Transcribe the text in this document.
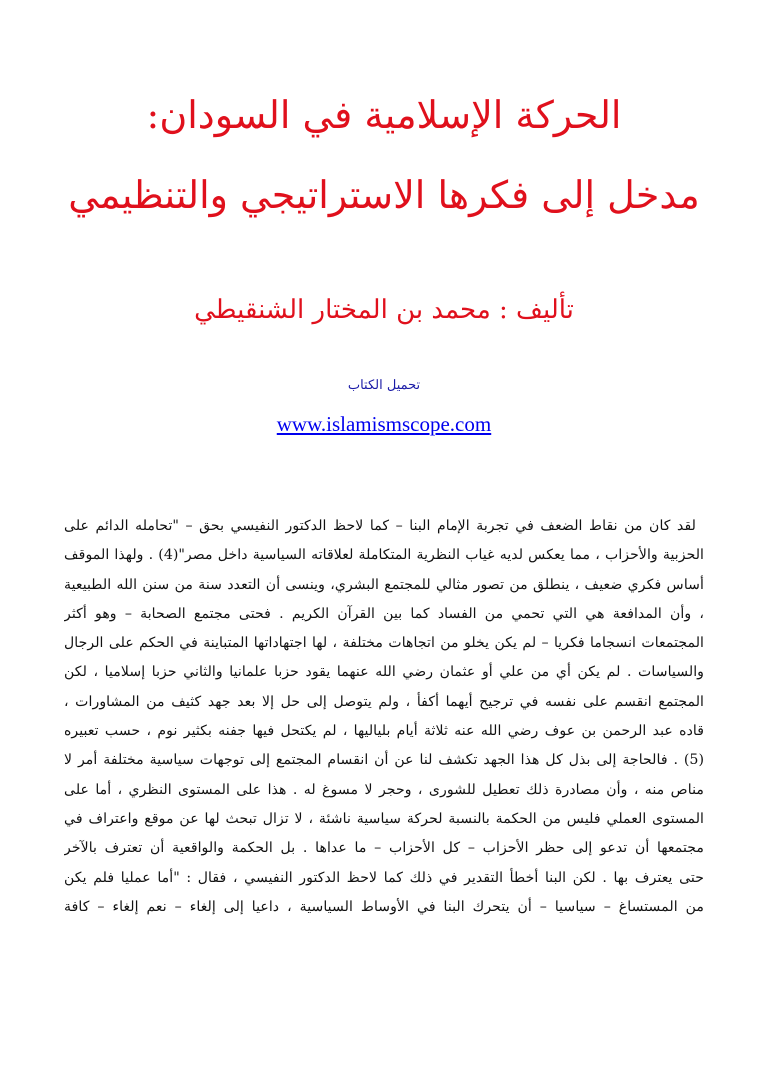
الحركة الإسلامية في السودان:
مدخل إلى فكرها الاستراتيجي والتنظيمي
تأليف : محمد بن المختار الشنقيطي
تحميل الكتاب
www.islamismscope.com
لقد كان من نقاط الضعف في تجربة الإمام البنا – كما لاحظ الدكتور النفيسي بحق – "تحامله الدائم على
الحزبية والأحزاب ، مما يعكس لديه غياب النظرية المتكاملة لعلاقاته السياسية داخل مصر"(4) . ولهذا الموقف
أساس فكري ضعيف ، ينطلق من تصور مثالي للمجتمع البشري، وينسى أن التعدد سنة من سنن الله الطبيعية
، وأن المدافعة هي التي تحمي من الفساد كما بين القرآن الكريم . فحتى مجتمع الصحابة – وهو أكثر
المجتمعات انسجاما فكريا – لم يكن يخلو من اتجاهات مختلفة ، لها اجتهاداتها المتباينة في الحكم على الرجال
والسياسات . لم يكن أي من علي أو عثمان رضي الله عنهما يقود حزبا علمانيا والثاني حزبا إسلاميا ، لكن
المجتمع انقسم على نفسه في ترجيح أيهما أكفأ ، ولم يتوصل إلى حل إلا بعد جهد كثيف من المشاورات ،
قاده عبد الرحمن بن عوف رضي الله عنه ثلاثة أيام بلياليها ، لم يكتحل فيها جفنه بكثير نوم ، حسب تعبيره
(5) . فالحاجة إلى بذل كل هذا الجهد تكشف لنا عن أن انقسام المجتمع إلى توجهات سياسية مختلفة أمر لا
مناص منه ، وأن مصادرة ذلك تعطيل للشورى ، وحجر لا مسوغ له . هذا على المستوى النظري ، أما على
المستوى العملي فليس من الحكمة بالنسبة لحركة سياسية ناشئة ، لا تزال تبحث لها عن موقع واعتراف في
مجتمعها أن تدعو إلى حظر الأحزاب – كل الأحزاب – ما عداها . بل الحكمة والواقعية أن تعترف بالآخر
حتى يعترف بها . لكن البنا أخطأ التقدير في ذلك كما لاحظ الدكتور النفيسي ، فقال : "أما عمليا فلم يكن
من المستساغ – سياسيا – أن يتحرك البنا في الأوساط السياسية ، داعيا إلى إلغاء – نعم إلغاء – كافة
